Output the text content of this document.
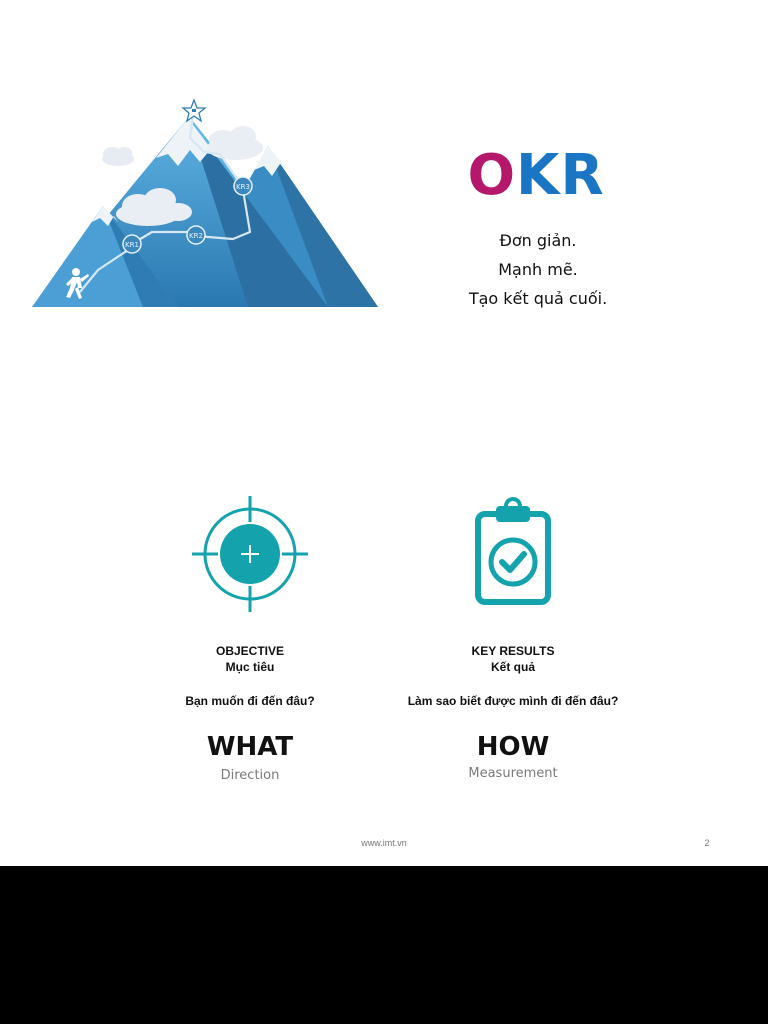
KR1
KR2
KR3	OKR
OKR
Đơn giản.
Mạnh mẽ.
Tạo kết quả cuối.
OBJECTIVE
Mục tiêu
Bạn muốn đi đến đâu?
WHAT
Direction
KEY RESULTS
Kết quả
Làm sao biết được mình đi đến đâu?
HOW
Measurement
www.imt.vn	2
